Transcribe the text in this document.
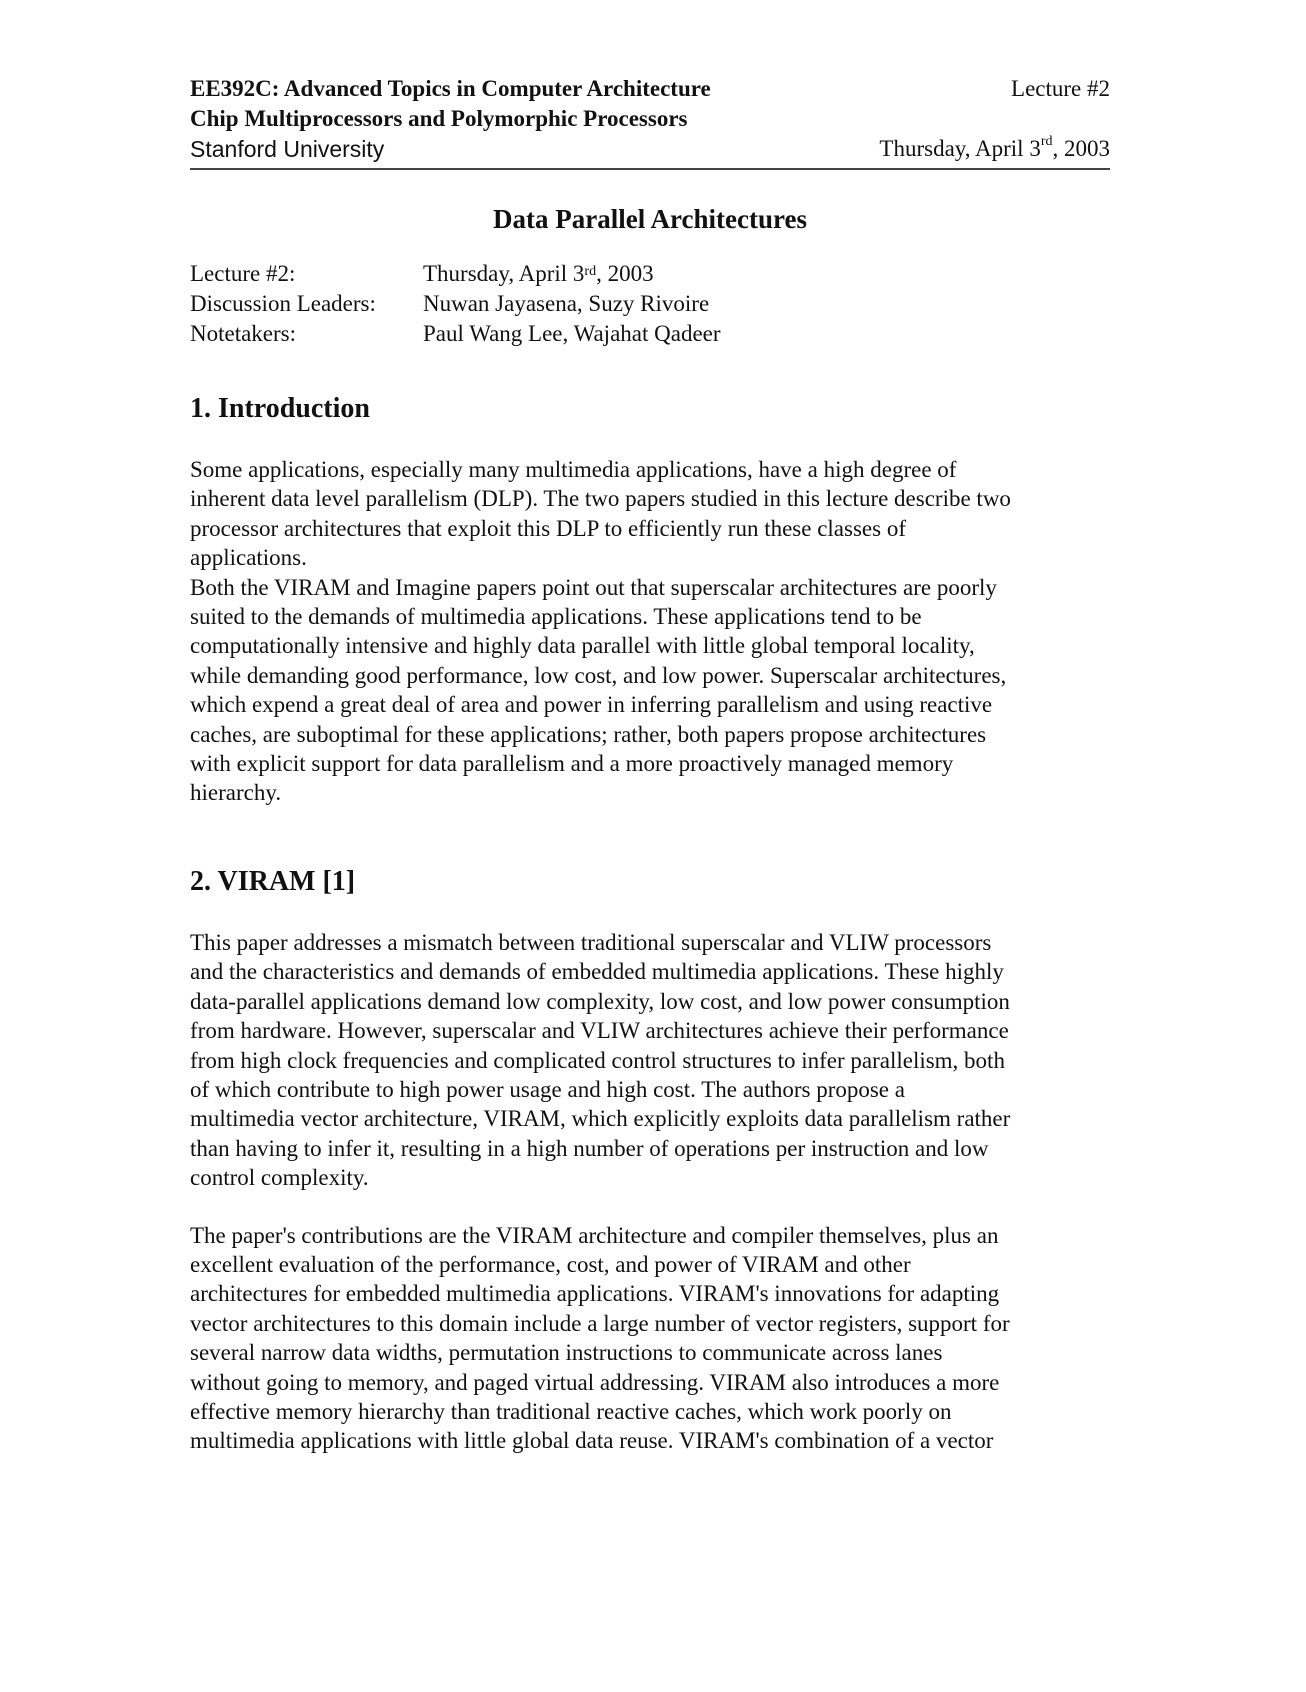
EE392C: Advanced Topics in Computer Architecture
Chip Multiprocessors and Polymorphic Processors
Stanford University
Lecture #2
Thursday, April 3rd, 2003
Data Parallel Architectures
Lecture #2:	Thursday, April 3rd, 2003
Discussion Leaders:	Nuwan Jayasena, Suzy Rivoire
Notetakers:	Paul Wang Lee, Wajahat Qadeer
1. Introduction

Some applications, especially many multimedia applications, have a high degree of
inherent data level parallelism (DLP). The two papers studied in this lecture describe two
processor architectures that exploit this DLP to efficiently run these classes of
applications.

Both the VIRAM and Imagine papers point out that superscalar architectures are poorly
suited to the demands of multimedia applications. These applications tend to be
computationally intensive and highly data parallel with little global temporal locality,
while demanding good performance, low cost, and low power. Superscalar architectures,
which expend a great deal of area and power in inferring parallelism and using reactive
caches, are suboptimal for these applications; rather, both papers propose architectures
with explicit support for data parallelism and a more proactively managed memory
hierarchy.

2. VIRAM [1]

This paper addresses a mismatch between traditional superscalar and VLIW processors
and the characteristics and demands of embedded multimedia applications. These highly
data-parallel applications demand low complexity, low cost, and low power consumption
from hardware. However, superscalar and VLIW architectures achieve their performance
from high clock frequencies and complicated control structures to infer parallelism, both
of which contribute to high power usage and high cost. The authors propose a
multimedia vector architecture, VIRAM, which explicitly exploits data parallelism rather
than having to infer it, resulting in a high number of operations per instruction and low
control complexity.

The paper's contributions are the VIRAM architecture and compiler themselves, plus an
excellent evaluation of the performance, cost, and power of VIRAM and other
architectures for embedded multimedia applications. VIRAM's innovations for adapting
vector architectures to this domain include a large number of vector registers, support for
several narrow data widths, permutation instructions to communicate across lanes
without going to memory, and paged virtual addressing. VIRAM also introduces a more
effective memory hierarchy than traditional reactive caches, which work poorly on
multimedia applications with little global data reuse. VIRAM's combination of a vector
